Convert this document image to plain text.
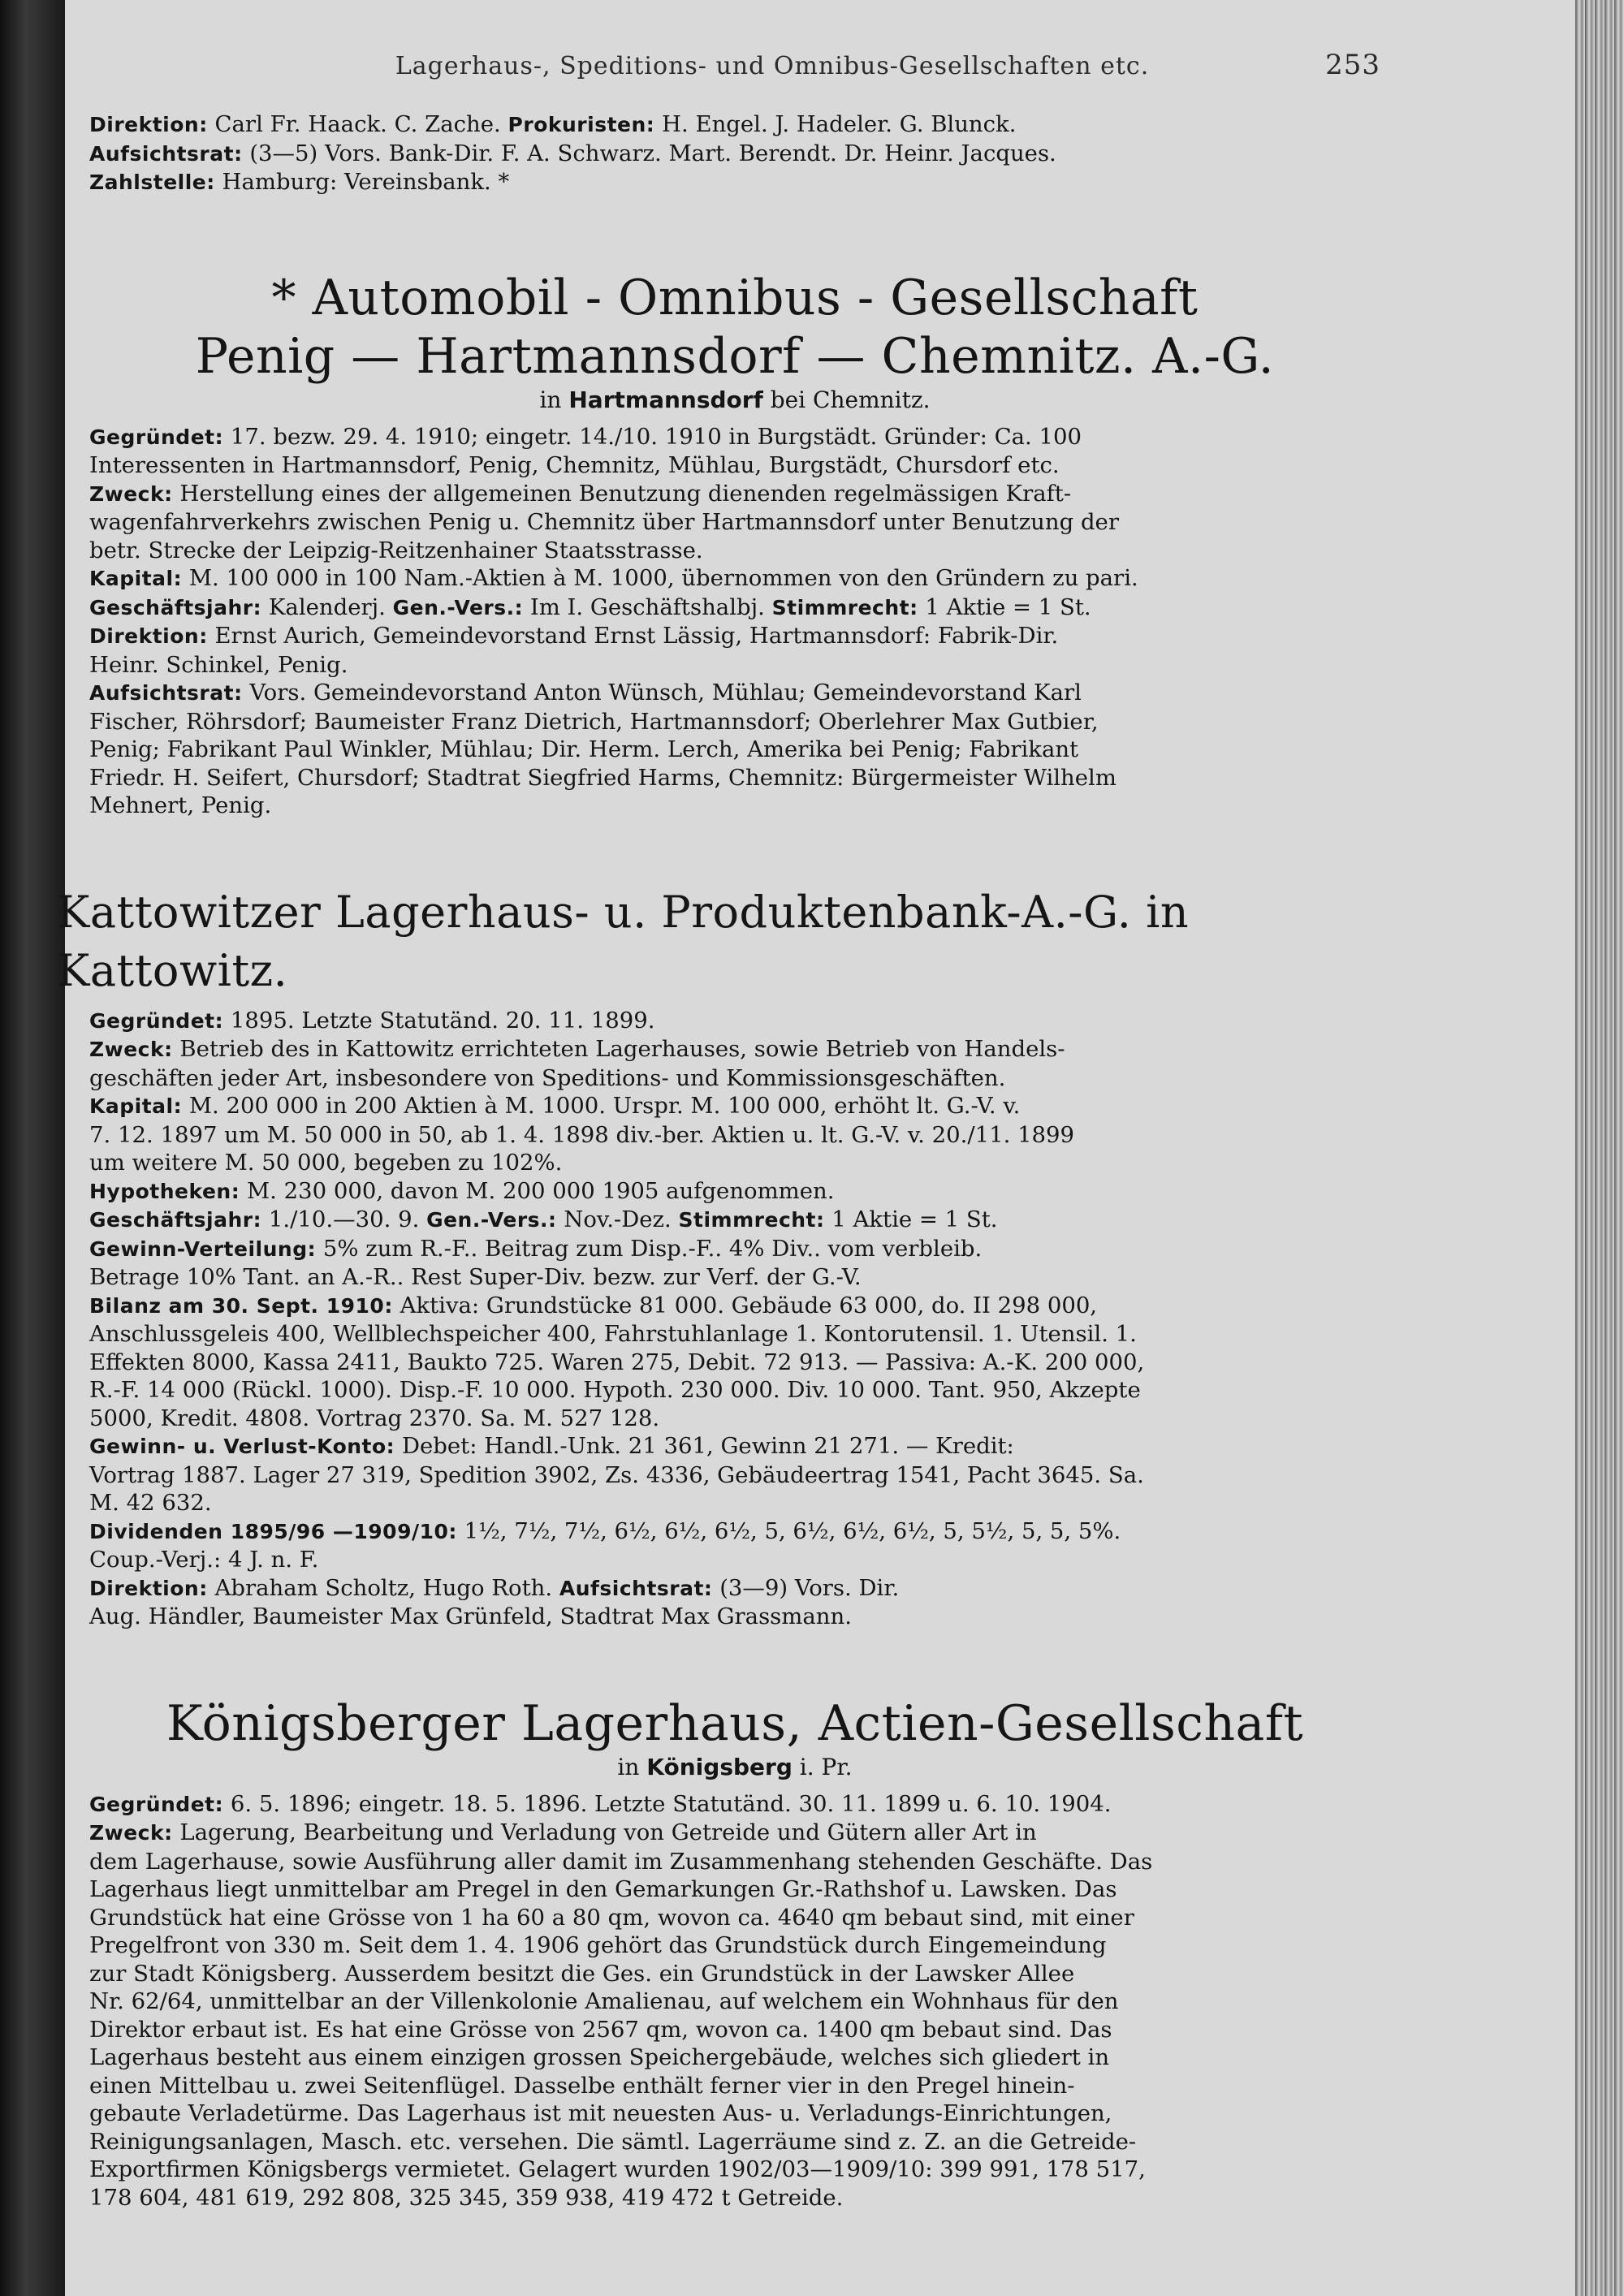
Lagerhaus-, Speditions- und Omnibus-Gesellschaften etc.	253

Direktion: Carl Fr. Haack. C. Zache. Prokuristen: H. Engel. J. Hadeler. G. Blunck.

Aufsichtsrat: (3—5) Vors. Bank-Dir. F. A. Schwarz. Mart. Berendt. Dr. Heinr. Jacques.

Zahlstelle: Hamburg: Vereinsbank. *

* Automobil - Omnibus - Gesellschaft
Penig — Hartmannsdorf — Chemnitz. A.-G.
in Hartmannsdorf bei Chemnitz.

Gegründet: 17. bezw. 29. 4. 1910; eingetr. 14./10. 1910 in Burgstädt. Gründer: Ca. 100

Interessenten in Hartmannsdorf, Penig, Chemnitz, Mühlau, Burgstädt, Chursdorf etc.

Zweck: Herstellung eines der allgemeinen Benutzung dienenden regelmässigen Kraft-

wagenfahrverkehrs zwischen Penig u. Chemnitz über Hartmannsdorf unter Benutzung der

betr. Strecke der Leipzig-Reitzenhainer Staatsstrasse.

Kapital: M. 100 000 in 100 Nam.-Aktien à M. 1000, übernommen von den Gründern zu pari.

Geschäftsjahr: Kalenderj. Gen.-Vers.: Im I. Geschäftshalbj. Stimmrecht: 1 Aktie = 1 St.

Direktion: Ernst Aurich, Gemeindevorstand Ernst Lässig, Hartmannsdorf: Fabrik-Dir.

Heinr. Schinkel, Penig.

Aufsichtsrat: Vors. Gemeindevorstand Anton Wünsch, Mühlau; Gemeindevorstand Karl

Fischer, Röhrsdorf; Baumeister Franz Dietrich, Hartmannsdorf; Oberlehrer Max Gutbier,

Penig; Fabrikant Paul Winkler, Mühlau; Dir. Herm. Lerch, Amerika bei Penig; Fabrikant

Friedr. H. Seifert, Chursdorf; Stadtrat Siegfried Harms, Chemnitz: Bürgermeister Wilhelm

Mehnert, Penig.

Kattowitzer Lagerhaus- u. Produktenbank-A.-G. in Kattowitz.

Gegründet: 1895. Letzte Statutänd. 20. 11. 1899.

Zweck: Betrieb des in Kattowitz errichteten Lagerhauses, sowie Betrieb von Handels-

geschäften jeder Art, insbesondere von Speditions- und Kommissionsgeschäften.

Kapital: M. 200 000 in 200 Aktien à M. 1000. Urspr. M. 100 000, erhöht lt. G.-V. v.

7. 12. 1897 um M. 50 000 in 50, ab 1. 4. 1898 div.-ber. Aktien u. lt. G.-V. v. 20./11. 1899

um weitere M. 50 000, begeben zu 102%.

Hypotheken: M. 230 000, davon M. 200 000 1905 aufgenommen.

Geschäftsjahr: 1./10.—30. 9. Gen.-Vers.: Nov.-Dez. Stimmrecht: 1 Aktie = 1 St.

Gewinn-Verteilung: 5% zum R.-F.. Beitrag zum Disp.-F.. 4% Div.. vom verbleib.

Betrage 10% Tant. an A.-R.. Rest Super-Div. bezw. zur Verf. der G.-V.

Bilanz am 30. Sept. 1910: Aktiva: Grundstücke 81 000. Gebäude 63 000, do. II 298 000,

Anschlussgeleis 400, Wellblechspeicher 400, Fahrstuhlanlage 1. Kontorutensil. 1. Utensil. 1.

Effekten 8000, Kassa 2411, Baukto 725. Waren 275, Debit. 72 913. — Passiva: A.-K. 200 000,

R.-F. 14 000 (Rückl. 1000). Disp.-F. 10 000. Hypoth. 230 000. Div. 10 000. Tant. 950, Akzepte

5000, Kredit. 4808. Vortrag 2370. Sa. M. 527 128.

Gewinn- u. Verlust-Konto: Debet: Handl.-Unk. 21 361, Gewinn 21 271. — Kredit:

Vortrag 1887. Lager 27 319, Spedition 3902, Zs. 4336, Gebäudeertrag 1541, Pacht 3645. Sa.

M. 42 632.

Dividenden 1895/96 —1909/10: 1½, 7½, 7½, 6½, 6½, 6½, 5, 6½, 6½, 6½, 5, 5½, 5, 5, 5%.

Coup.-Verj.: 4 J. n. F.

Direktion: Abraham Scholtz, Hugo Roth. Aufsichtsrat: (3—9) Vors. Dir.

Aug. Händler, Baumeister Max Grünfeld, Stadtrat Max Grassmann.

Königsberger Lagerhaus, Actien-Gesellschaft
in Königsberg i. Pr.

Gegründet: 6. 5. 1896; eingetr. 18. 5. 1896. Letzte Statutänd. 30. 11. 1899 u. 6. 10. 1904.

Zweck: Lagerung, Bearbeitung und Verladung von Getreide und Gütern aller Art in

dem Lagerhause, sowie Ausführung aller damit im Zusammenhang stehenden Geschäfte. Das

Lagerhaus liegt unmittelbar am Pregel in den Gemarkungen Gr.-Rathshof u. Lawsken. Das

Grundstück hat eine Grösse von 1 ha 60 a 80 qm, wovon ca. 4640 qm bebaut sind, mit einer

Pregelfront von 330 m. Seit dem 1. 4. 1906 gehört das Grundstück durch Eingemeindung

zur Stadt Königsberg. Ausserdem besitzt die Ges. ein Grundstück in der Lawsker Allee

Nr. 62/64, unmittelbar an der Villenkolonie Amalienau, auf welchem ein Wohnhaus für den

Direktor erbaut ist. Es hat eine Grösse von 2567 qm, wovon ca. 1400 qm bebaut sind. Das

Lagerhaus besteht aus einem einzigen grossen Speichergebäude, welches sich gliedert in

einen Mittelbau u. zwei Seitenflügel. Dasselbe enthält ferner vier in den Pregel hinein-

gebaute Verladetürme. Das Lagerhaus ist mit neuesten Aus- u. Verladungs-Einrichtungen,

Reinigungsanlagen, Masch. etc. versehen. Die sämtl. Lagerräume sind z. Z. an die Getreide-

Exportfirmen Königsbergs vermietet. Gelagert wurden 1902/03—1909/10: 399 991, 178 517,

178 604, 481 619, 292 808, 325 345, 359 938, 419 472 t Getreide.
